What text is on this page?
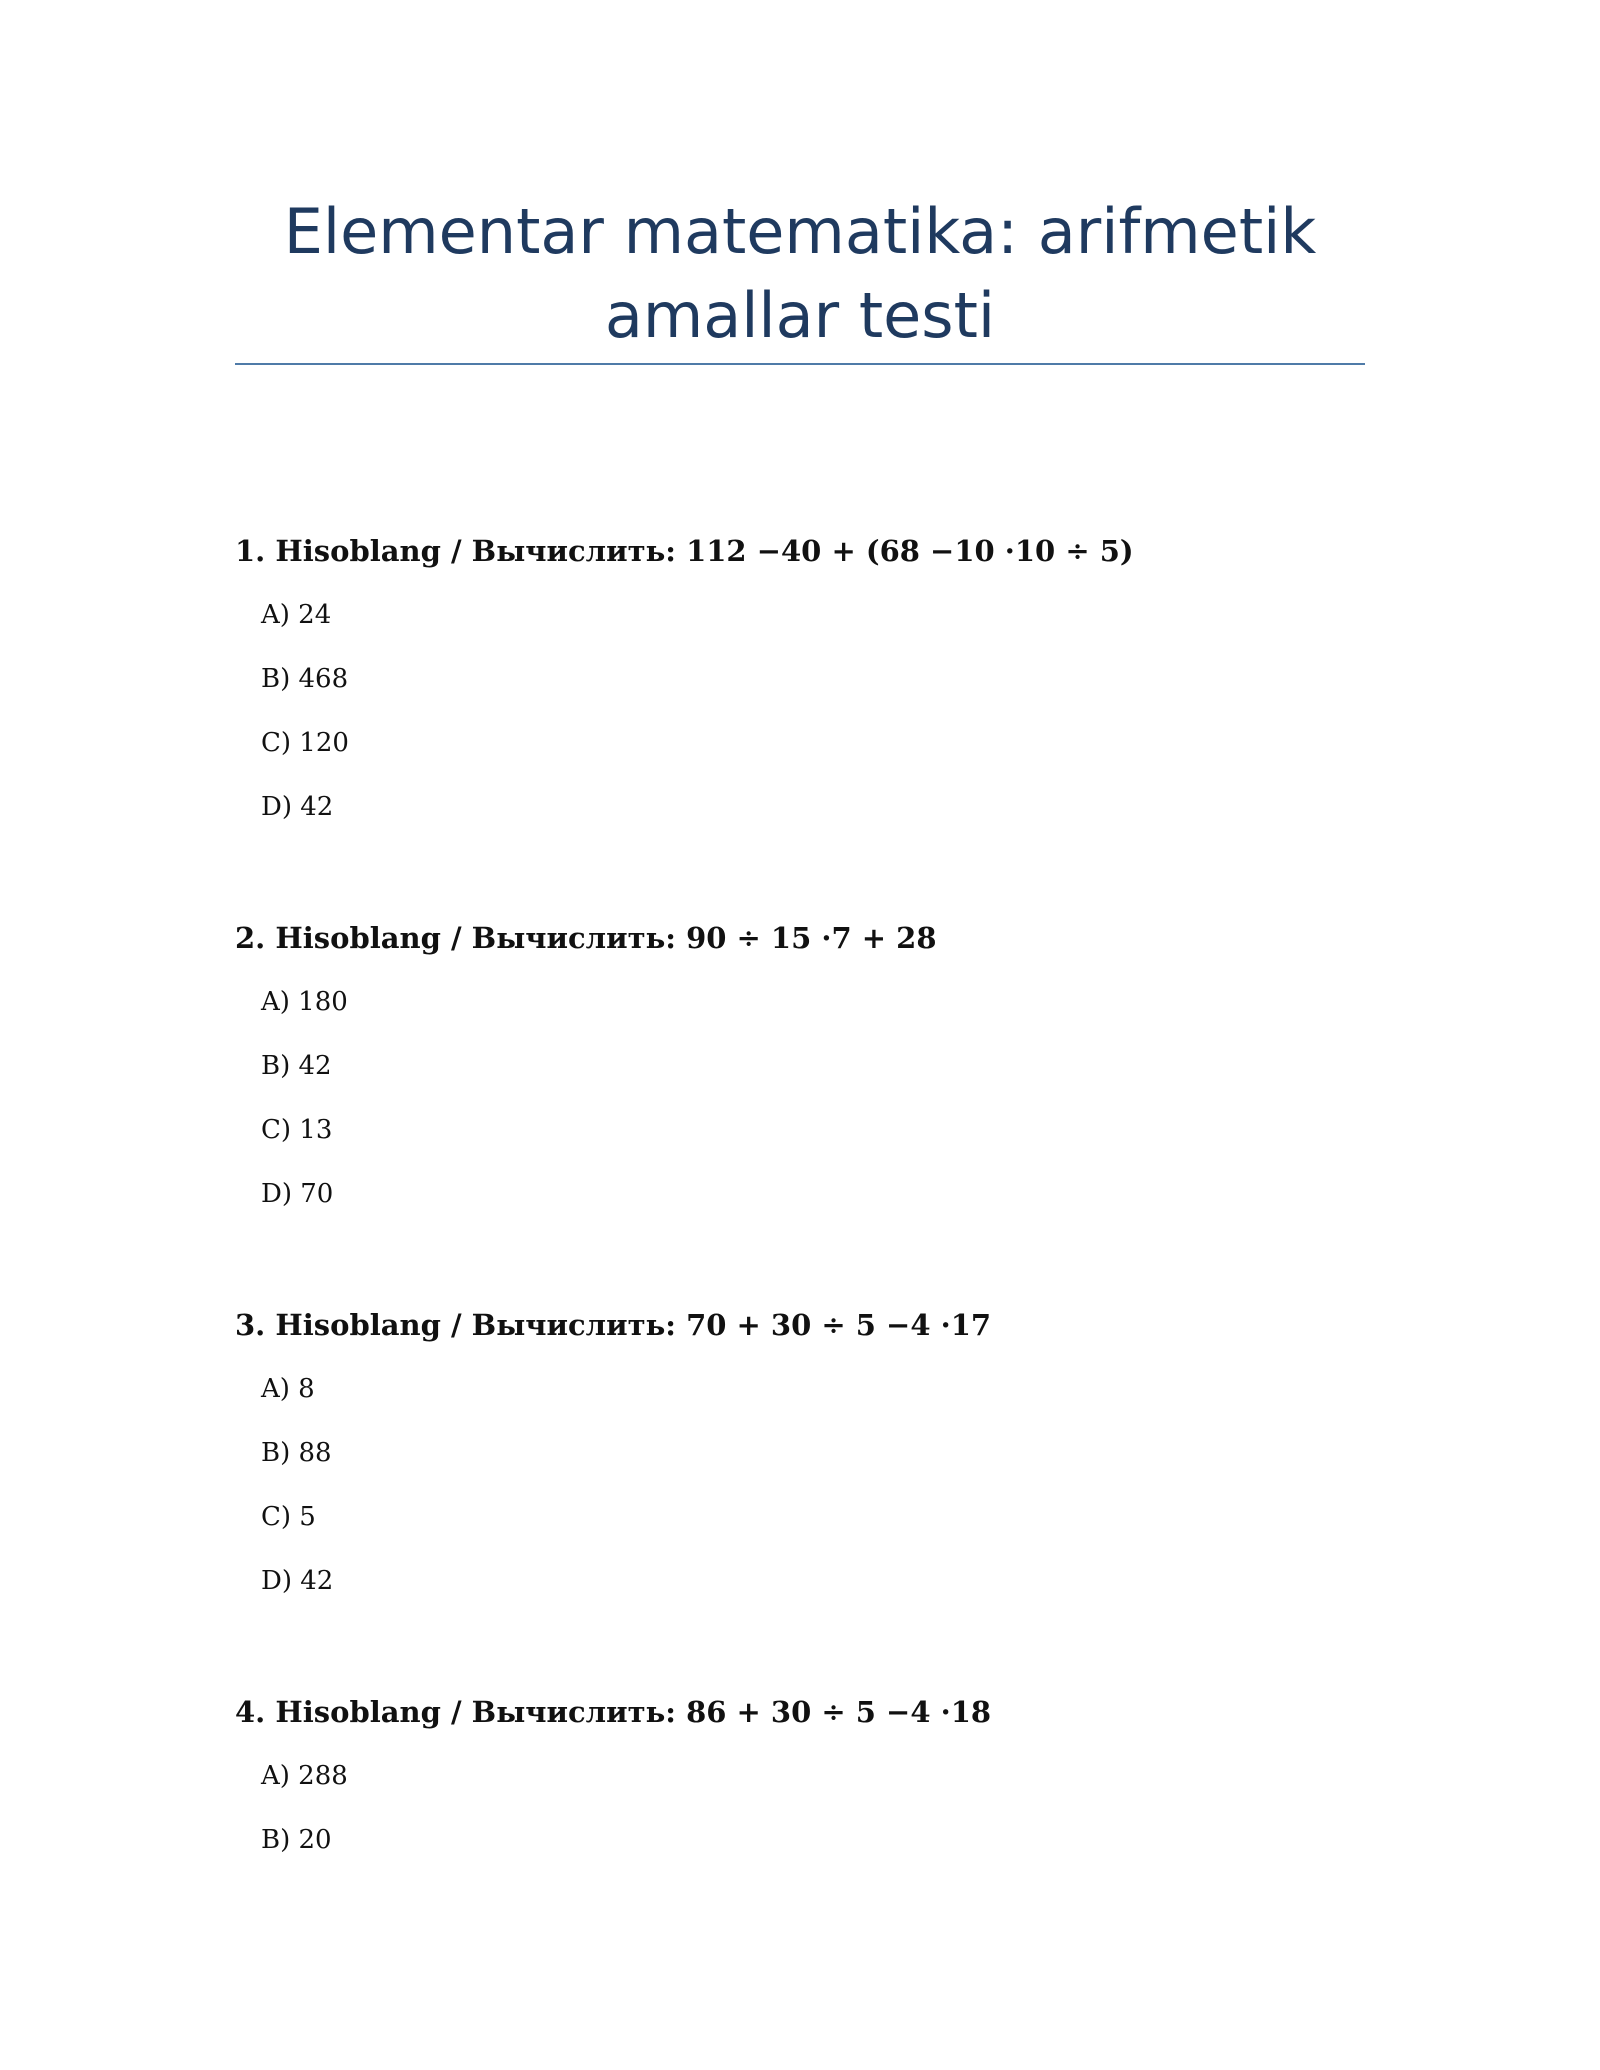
Elementar matematika: arifmetik
amallar testi
1. Hisoblang / Вычислить: 112 −40 + (68 −10 ·10 ÷ 5)
A) 24
B) 468
C) 120
D) 42
2. Hisoblang / Вычислить: 90 ÷ 15 ·7 + 28
A) 180
B) 42
C) 13
D) 70
3. Hisoblang / Вычислить: 70 + 30 ÷ 5 −4 ·17
A) 8
B) 88
C) 5
D) 42
4. Hisoblang / Вычислить: 86 + 30 ÷ 5 −4 ·18
A) 288
B) 20
